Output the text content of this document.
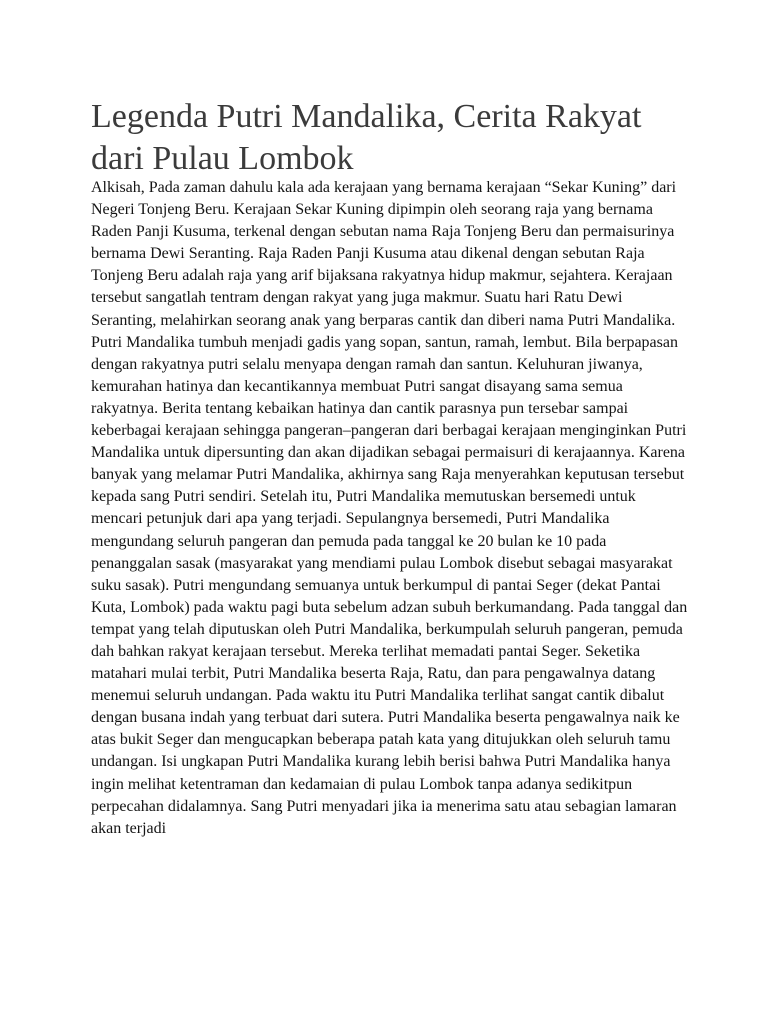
Legenda Putri Mandalika, Cerita Rakyat dari Pulau Lombok

Alkisah, Pada zaman dahulu kala ada kerajaan yang bernama kerajaan “Sekar Kuning” dari Negeri Tonjeng Beru. Kerajaan Sekar Kuning dipimpin oleh seorang raja yang bernama Raden Panji Kusuma, terkenal dengan sebutan nama Raja Tonjeng Beru dan permaisurinya bernama Dewi Seranting. Raja Raden Panji Kusuma atau dikenal dengan sebutan Raja Tonjeng Beru adalah raja yang arif bijaksana rakyatnya hidup makmur, sejahtera. Kerajaan tersebut sangatlah tentram dengan rakyat yang juga makmur. Suatu hari Ratu Dewi Seranting, melahirkan seorang anak yang berparas cantik dan diberi nama Putri Mandalika. Putri Mandalika tumbuh menjadi gadis yang sopan, santun, ramah, lembut. Bila berpapasan dengan rakyatnya putri selalu menyapa dengan ramah dan santun. Keluhuran jiwanya, kemurahan hatinya dan kecantikannya membuat Putri sangat disayang sama semua rakyatnya. Berita tentang kebaikan hatinya dan cantik parasnya pun tersebar sampai keberbagai kerajaan sehingga pangeran–pangeran dari berbagai kerajaan menginginkan Putri Mandalika untuk dipersunting dan akan dijadikan sebagai permaisuri di kerajaannya. Karena banyak yang melamar Putri Mandalika, akhirnya sang Raja menyerahkan keputusan tersebut kepada sang Putri sendiri. Setelah itu, Putri Mandalika memutuskan bersemedi untuk mencari petunjuk dari apa yang terjadi. Sepulangnya bersemedi, Putri Mandalika mengundang seluruh pangeran dan pemuda pada tanggal ke 20 bulan ke 10 pada penanggalan sasak (masyarakat yang mendiami pulau Lombok disebut sebagai masyarakat suku sasak). Putri mengundang semuanya untuk berkumpul di pantai Seger (dekat Pantai Kuta, Lombok) pada waktu pagi buta sebelum adzan subuh berkumandang. Pada tanggal dan tempat yang telah diputuskan oleh Putri Mandalika, berkumpulah seluruh pangeran, pemuda dah bahkan rakyat kerajaan tersebut. Mereka terlihat memadati pantai Seger. Seketika matahari mulai terbit, Putri Mandalika beserta Raja, Ratu, dan para pengawalnya datang menemui seluruh undangan. Pada waktu itu Putri Mandalika terlihat sangat cantik dibalut dengan busana indah yang terbuat dari sutera. Putri Mandalika beserta pengawalnya naik ke atas bukit Seger dan mengucapkan beberapa patah kata yang ditujukkan oleh seluruh tamu undangan. Isi ungkapan Putri Mandalika kurang lebih berisi bahwa Putri Mandalika hanya ingin melihat ketentraman dan kedamaian di pulau Lombok tanpa adanya sedikitpun perpecahan didalamnya. Sang Putri menyadari jika ia menerima satu atau sebagian lamaran akan terjadi
